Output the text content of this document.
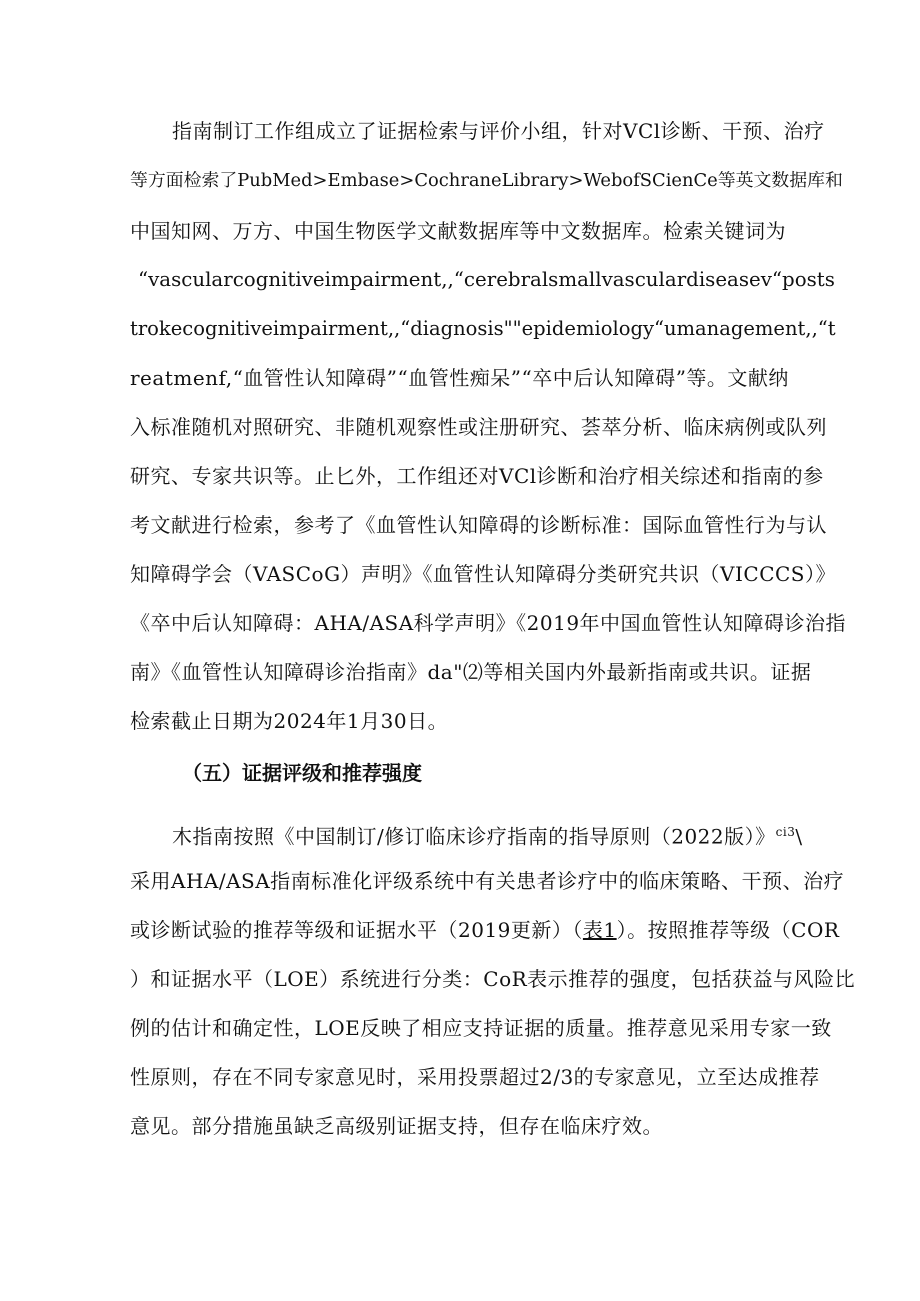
指南制订工作组成立了证据检索与评价小组，针对VCl诊断、干预、治疗
等方面检索了PubMed>Embase>CochraneLibrary>WebofSCienCe等英文数据库和
中国知网、万方、中国生物医学文献数据库等中文数据库。检索关键词为
“vascularcognitiveimpairment,,“cerebralsmallvasculardiseasev“posts
trokecognitiveimpairment,,“diagnosis""epidemiology“umanagement,,“t
reatmenf,“血管性认知障碍”“血管性痴呆”“卒中后认知障碍”等。文献纳
入标准随机对照研究、非随机观察性或注册研究、荟萃分析、临床病例或队列
研究、专家共识等。止匕外，工作组还对VCl诊断和治疗相关综述和指南的参
考文献进行检索，参考了《血管性认知障碍的诊断标准：国际血管性行为与认
知障碍学会（VASCoG）声明》《血管性认知障碍分类研究共识（VICCCS）》
《卒中后认知障碍：AHA/ASA科学声明》《2019年中国血管性认知障碍诊治指
南》《血管性认知障碍诊治指南》da"⑵等相关国内外最新指南或共识。证据
检索截止日期为2024年1月30日。
（五）证据评级和推荐强度
木指南按照《中国制订/修订临床诊疗指南的指导原则（2022版）》$^{ci3}$\
采用AHA/ASA指南标准化评级系统中有关患者诊疗中的临床策略、干预、治疗
或诊断试验的推荐等级和证据水平（2019更新）（表1）。按照推荐等级（COR
）和证据水平（LOE）系统进行分类：CoR表示推荐的强度，包括获益与风险比
例的估计和确定性，LOE反映了相应支持证据的质量。推荐意见采用专家一致
性原则，存在不同专家意见时，采用投票超过2/3的专家意见，立至达成推荐
意见。部分措施虽缺乏高级别证据支持，但存在临床疗效。
